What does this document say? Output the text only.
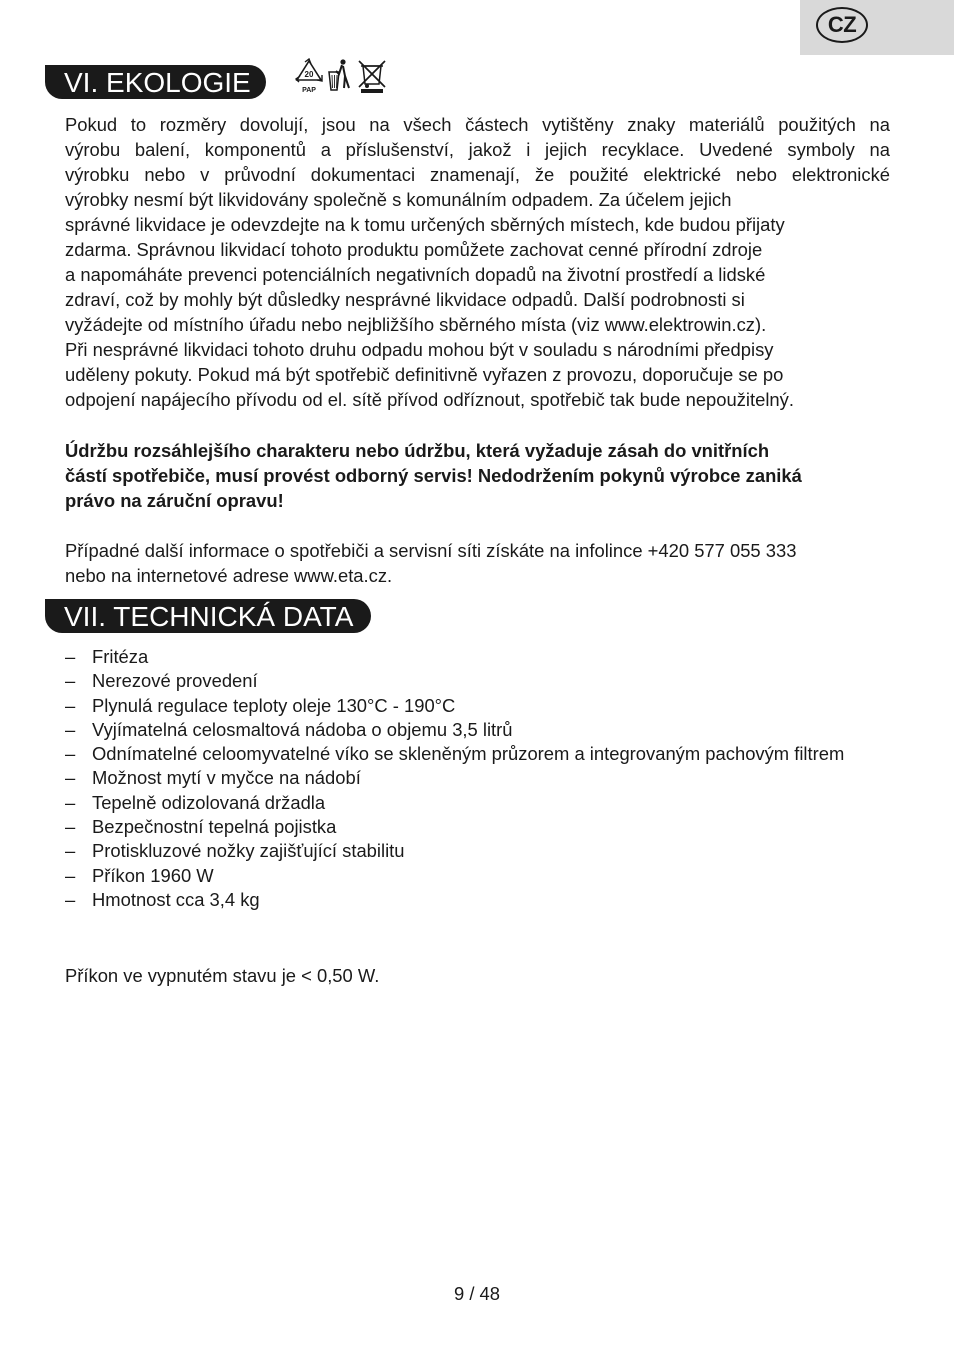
CZ
VI. EKOLOGIE	20
PAP
Pokud to rozměry dovolují, jsou na všech částech vytištěny znaky materiálů použitých na
výrobu balení, komponentů a příslušenství, jakož i jejich recyklace. Uvedené symboly na
výrobku nebo v průvodní dokumentaci znamenají, že použité elektrické nebo elektronické
výrobky nesmí být likvidovány společně s komunálním odpadem. Za účelem jejich
správné likvidace je odevzdejte na k tomu určených sběrných místech, kde budou přijaty
zdarma. Správnou likvidací tohoto produktu pomůžete zachovat cenné přírodní zdroje
a napomáháte prevenci potenciálních negativních dopadů na životní prostředí a lidské
zdraví, což by mohly být důsledky nesprávné likvidace odpadů. Další podrobnosti si
vyžádejte od místního úřadu nebo nejbližšího sběrného místa (viz www.elektrowin.cz).
Při nesprávné likvidaci tohoto druhu odpadu mohou být v souladu s národními předpisy
uděleny pokuty. Pokud má být spotřebič definitivně vyřazen z provozu, doporučuje se po
odpojení napájecího přívodu od el. sítě přívod odříznout, spotřebič tak bude nepoužitelný.
Údržbu rozsáhlejšího charakteru nebo údržbu, která vyžaduje zásah do vnitřních
částí spotřebiče, musí provést odborný servis! Nedodržením pokynů výrobce zaniká
právo na záruční opravu!
Případné další informace o spotřebiči a servisní síti získáte na infolince +420 577 055 333
nebo na internetové adrese www.eta.cz.
VII. TECHNICKÁ DATA
– Fritéza
– Nerezové provedení
– Plynulá regulace teploty oleje 130°C - 190°C
– Vyjímatelná celosmaltová nádoba o objemu 3,5 litrů
– Odnímatelné celoomyvatelné víko se skleněným průzorem a integrovaným pachovým filtrem
– Možnost mytí v myčce na nádobí
– Tepelně odizolovaná držadla
– Bezpečnostní tepelná pojistka
– Protiskluzové nožky zajišťující stabilitu
– Příkon 1960 W
– Hmotnost cca 3,4 kg
Příkon ve vypnutém stavu je < 0,50 W.
9 / 48
